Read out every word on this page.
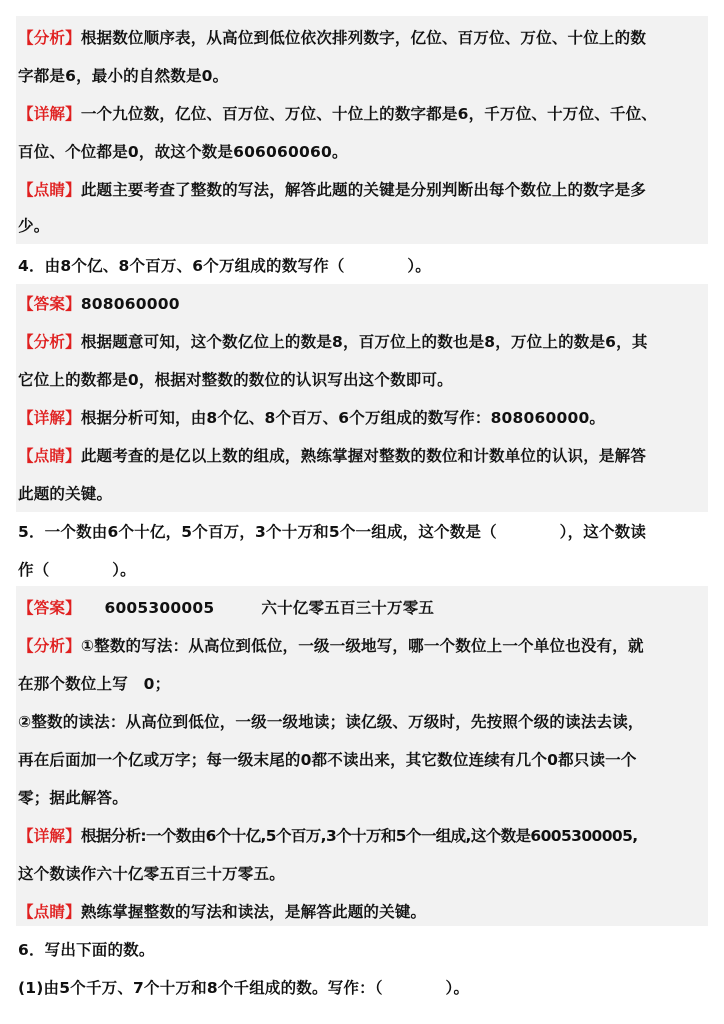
【分析】根据数位顺序表，从高位到低位依次排列数字，亿位、百万位、万位、十位上的数
字都是6，最小的自然数是0。
【详解】一个九位数，亿位、百万位、万位、十位上的数字都是6，千万位、十万位、千位、
百位、个位都是0，故这个数是606060060。
【点睛】此题主要考查了整数的写法，解答此题的关键是分别判断出每个数位上的数字是多
少。
4．由8个亿、8个百万、6个万组成的数写作（　　　　）。
【答案】808060000
【分析】根据题意可知，这个数亿位上的数是8，百万位上的数也是8，万位上的数是6，其
它位上的数都是0，根据对整数的数位的认识写出这个数即可。
【详解】根据分析可知，由8个亿、8个百万、6个万组成的数写作：808060000。
【点睛】此题考查的是亿以上数的组成，熟练掌握对整数的数位和计数单位的认识，是解答
此题的关键。
5．一个数由6个十亿，5个百万，3个十万和5个一组成，这个数是（　　　　），这个数读
作（　　　　）。
【答案】　　6005300005　　　六十亿零五百三十万零五
【分析】①整数的写法：从高位到低位，一级一级地写，哪一个数位上一个单位也没有，就
在那个数位上写　0；
②整数的读法：从高位到低位，一级一级地读；读亿级、万级时，先按照个级的读法去读，
再在后面加一个亿或万字；每一级末尾的0都不读出来，其它数位连续有几个0都只读一个
零；据此解答。
【详解】根据分析:一个数由6个十亿,5个百万,3个十万和5个一组成,这个数是6005300005,
这个数读作六十亿零五百三十万零五。
【点睛】熟练掌握整数的写法和读法，是解答此题的关键。
6．写出下面的数。
(1)由5个千万、7个十万和8个千组成的数。写作：（　　　　）。
